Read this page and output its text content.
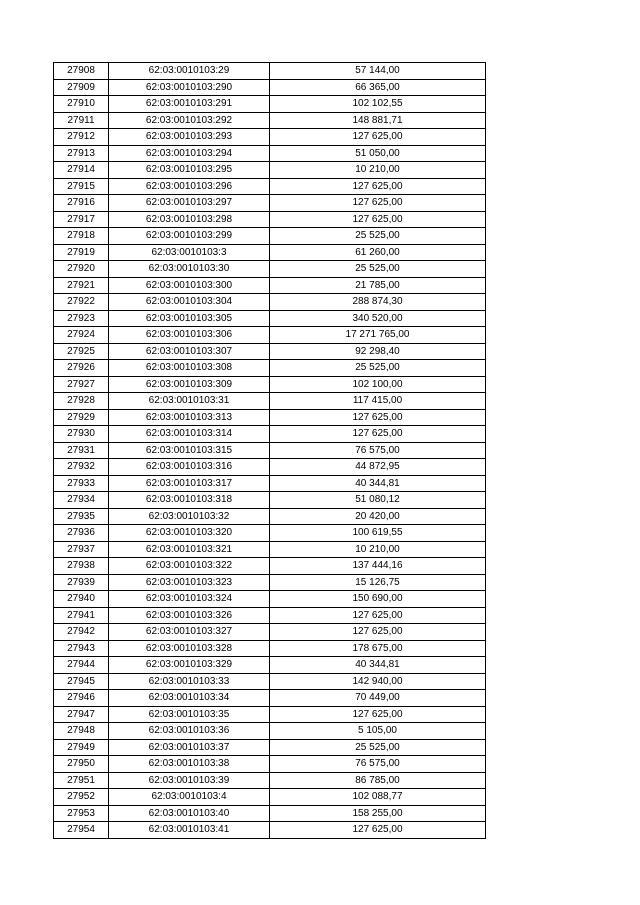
27908	62:03:0010103:29	57 144,00
27909	62:03:0010103:290	66 365,00
27910	62:03:0010103:291	102 102,55
27911	62:03:0010103:292	148 881,71
27912	62:03:0010103:293	127 625,00
27913	62:03:0010103:294	51 050,00
27914	62:03:0010103:295	10 210,00
27915	62:03:0010103:296	127 625,00
27916	62:03:0010103:297	127 625,00
27917	62:03:0010103:298	127 625,00
27918	62:03:0010103:299	25 525,00
27919	62:03:0010103:3	61 260,00
27920	62:03:0010103:30	25 525,00
27921	62:03:0010103:300	21 785,00
27922	62:03:0010103:304	288 874,30
27923	62:03:0010103:305	340 520,00
27924	62:03:0010103:306	17 271 765,00
27925	62:03:0010103:307	92 298,40
27926	62:03:0010103:308	25 525,00
27927	62:03:0010103:309	102 100,00
27928	62:03:0010103:31	117 415,00
27929	62:03:0010103:313	127 625,00
27930	62:03:0010103:314	127 625,00
27931	62:03:0010103:315	76 575,00
27932	62:03:0010103:316	44 872,95
27933	62:03:0010103:317	40 344,81
27934	62:03:0010103:318	51 080,12
27935	62:03:0010103:32	20 420,00
27936	62:03:0010103:320	100 619,55
27937	62:03:0010103:321	10 210,00
27938	62:03:0010103:322	137 444,16
27939	62:03:0010103:323	15 126,75
27940	62:03:0010103:324	150 690,00
27941	62:03:0010103:326	127 625,00
27942	62:03:0010103:327	127 625,00
27943	62:03:0010103:328	178 675,00
27944	62:03:0010103:329	40 344,81
27945	62:03:0010103:33	142 940,00
27946	62:03:0010103:34	70 449,00
27947	62:03:0010103:35	127 625,00
27948	62:03:0010103:36	5 105,00
27949	62:03:0010103:37	25 525,00
27950	62:03:0010103:38	76 575,00
27951	62:03:0010103:39	86 785,00
27952	62:03:0010103:4	102 088,77
27953	62:03:0010103:40	158 255,00
27954	62:03:0010103:41	127 625,00
